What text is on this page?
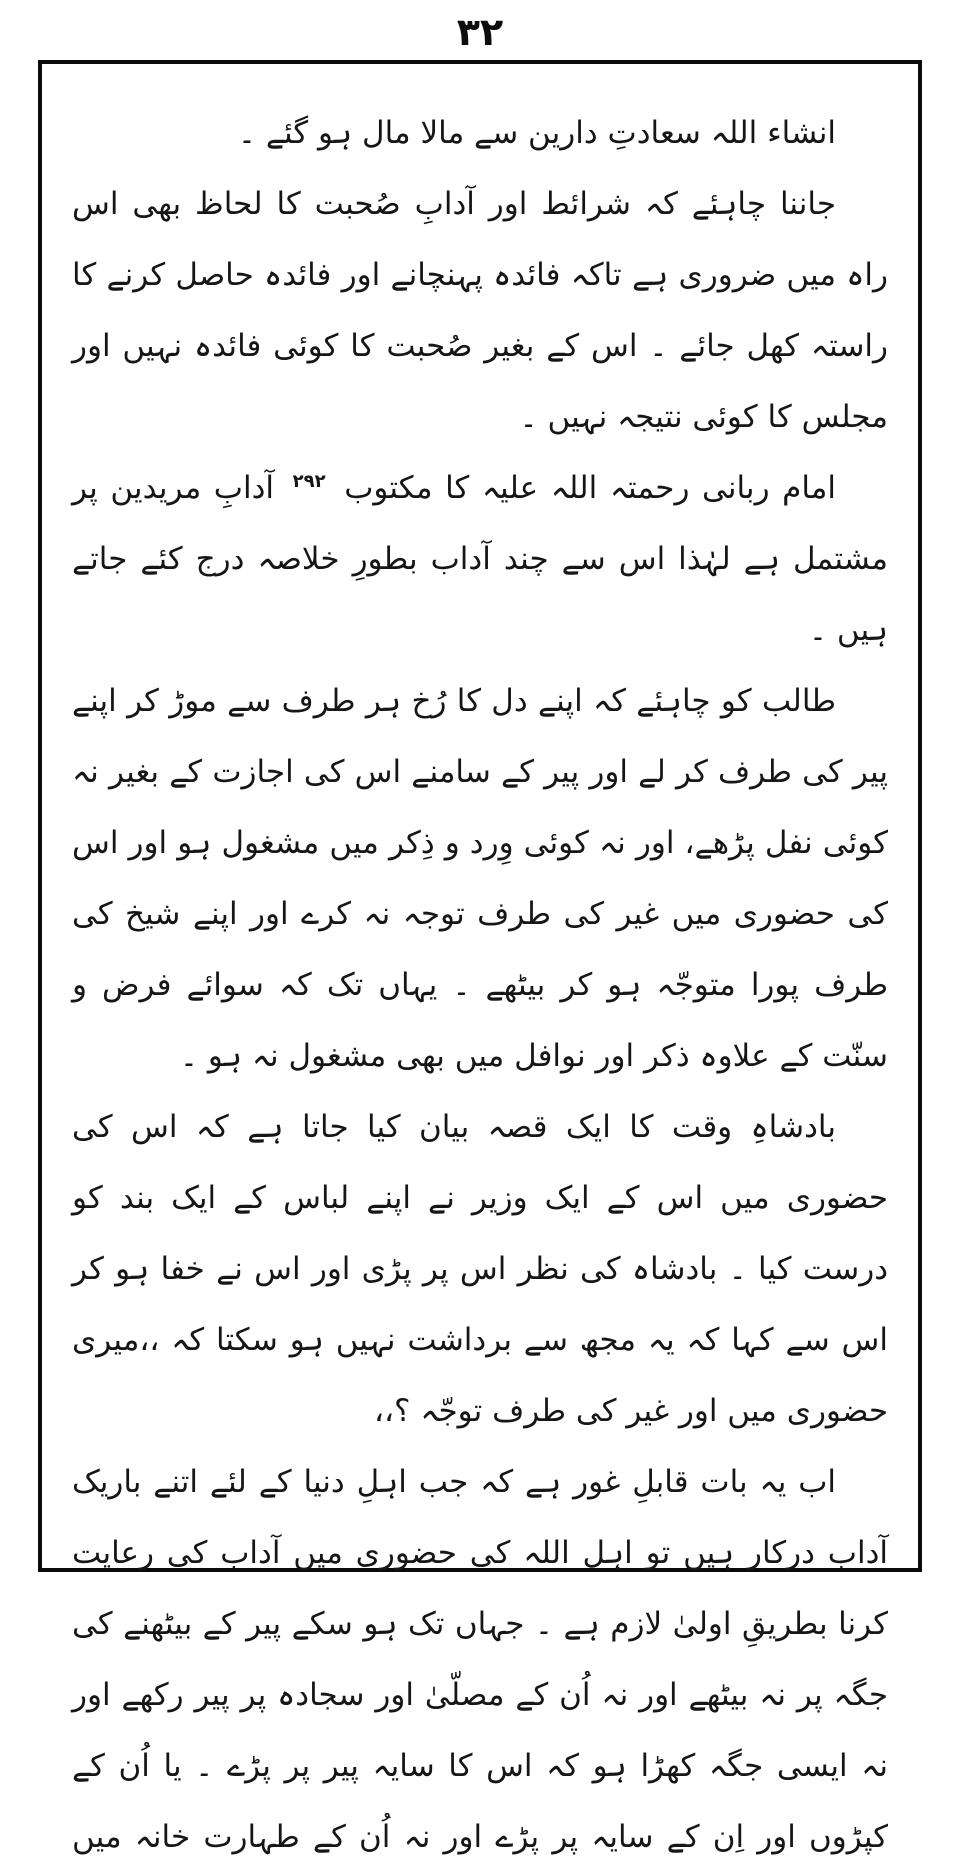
۳۲

انشاء اللہ سعادتِ دارین سے مالا مال ہو گئے ۔

جاننا چاہئے کہ شرائط اور آدابِ صُحبت کا لحاظ بھی اس راہ میں ضروری ہے تاکہ فائدہ پہنچانے اور فائدہ حاصل کرنے کا راستہ کھل جائے ۔ اس کے بغیر صُحبت کا کوئی فائدہ نہیں اور مجلس کا کوئی نتیجہ نہیں ۔

امام ربانی رحمتہ اللہ علیہ کا مکتوب$^{۲۹۲}$آدابِ مریدین پر مشتمل ہے لہٰذا اس سے چند آداب بطورِ خلاصہ درج کئے جاتے ہیں ۔

طالب کو چاہئے کہ اپنے دل کا رُخ ہر طرف سے موڑ کر اپنے پیر کی طرف کر لے اور پیر کے سامنے اس کی اجازت کے بغیر نہ کوئی نفل پڑھے، اور نہ کوئی وِرد و ذِکر میں مشغول ہو اور اس کی حضوری میں غیر کی طرف توجہ نہ کرے اور اپنے شیخ کی طرف پورا متوجّہ ہو کر بیٹھے ۔ یہاں تک کہ سوائے فرض و سنّت کے علاوہ ذکر اور نوافل میں بھی مشغول نہ ہو ۔

بادشاہِ وقت کا ایک قصہ بیان کیا جاتا ہے کہ اس کی حضوری میں اس کے ایک وزیر نے اپنے لباس کے ایک بند کو درست کیا ۔ بادشاہ کی نظر اس پر پڑی اور اس نے خفا ہو کر اس سے کہا کہ یہ مجھ سے برداشت نہیں ہو سکتا کہ ،،میری حضوری میں اور غیر کی طرف توجّہ ؟،،

اب یہ بات قابلِ غور ہے کہ جب اہلِ دنیا کے لئے اتنے باریک آداب درکار ہیں تو اہل اللہ کی حضوری میں آداب کی رعایت کرنا بطریقِ اولیٰ لازم ہے ۔ جہاں تک ہو سکے پیر کے بیٹھنے کی جگہ پر نہ بیٹھے اور نہ اُن کے مصلّیٰ اور سجادہ پر پیر رکھے اور نہ ایسی جگہ کھڑا ہو کہ اس کا سایہ پیر پر پڑے ۔ یا اُن کے کپڑوں اور اِن کے سایہ پر پڑے اور نہ اُن کے طہارت خانہ میں
